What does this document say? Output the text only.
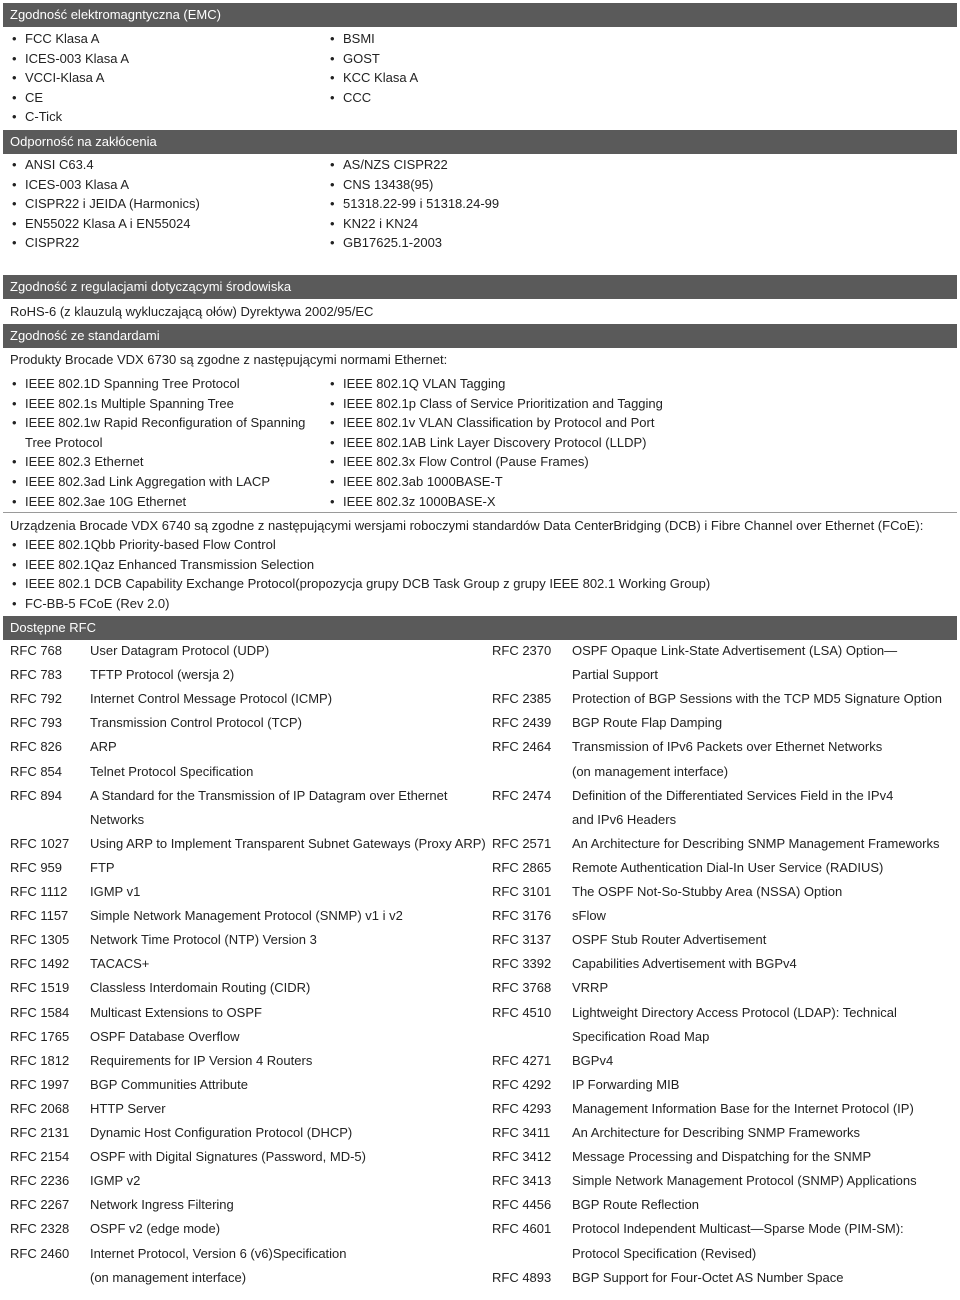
Zgodność elektromagntyczna (EMC)
• FCC Klasa A
• ICES-003 Klasa A
• VCCI-Klasa A
• CE
• C-Tick
• BSMI
• GOST
• KCC Klasa A
• CCC
Odporność na zakłócenia
• ANSI C63.4
• ICES-003 Klasa A
• CISPR22 i JEIDA (Harmonics)
• EN55022 Klasa A i EN55024
• CISPR22
• AS/NZS CISPR22
• CNS 13438(95)
• 51318.22-99 i 51318.24-99
• KN22 i KN24
• GB17625.1-2003
Zgodność z regulacjami dotyczącymi środowiska
RoHS-6 (z klauzulą wykluczającą ołów) Dyrektywa 2002/95/EC
Zgodność ze standardami
Produkty Brocade VDX 6730 są zgodne z następującymi normami Ethernet:
• IEEE 802.1D Spanning Tree Protocol
• IEEE 802.1s Multiple Spanning Tree
• IEEE 802.1w Rapid Reconfiguration of Spanning Tree Protocol
• IEEE 802.3 Ethernet
• IEEE 802.3ad Link Aggregation with LACP
• IEEE 802.3ae 10G Ethernet
• IEEE 802.1Q VLAN Tagging
• IEEE 802.1p Class of Service Prioritization and Tagging
• IEEE 802.1v VLAN Classification by Protocol and Port
• IEEE 802.1AB Link Layer Discovery Protocol (LLDP)
• IEEE 802.3x Flow Control (Pause Frames)
• IEEE 802.3ab 1000BASE-T
• IEEE 802.3z 1000BASE-X
Urządzenia Brocade VDX 6740 są zgodne z następującymi wersjami roboczymi standardów Data CenterBridging (DCB) i Fibre Channel over Ethernet (FCoE):
• IEEE 802.1Qbb Priority-based Flow Control
• IEEE 802.1Qaz Enhanced Transmission Selection
• IEEE 802.1 DCB Capability Exchange Protocol(propozycja grupy DCB Task Group z grupy IEEE 802.1 Working Group)
• FC-BB-5 FCoE (Rev 2.0)
Dostępne RFC
RFC 768 User Datagram Protocol (UDP)
RFC 783 TFTP Protocol (wersja 2)
RFC 792 Internet Control Message Protocol (ICMP)
RFC 793 Transmission Control Protocol (TCP)
RFC 826 ARP
RFC 854 Telnet Protocol Specification
RFC 894 A Standard for the Transmission of IP Datagram over Ethernet
Networks
RFC 1027 Using ARP to Implement Transparent Subnet Gateways (Proxy ARP)
RFC 959 FTP
RFC 1112 IGMP v1
RFC 1157 Simple Network Management Protocol (SNMP) v1 i v2
RFC 1305 Network Time Protocol (NTP) Version 3
RFC 1492 TACACS+
RFC 1519 Classless Interdomain Routing (CIDR)
RFC 1584 Multicast Extensions to OSPF
RFC 1765 OSPF Database Overflow
RFC 1812 Requirements for IP Version 4 Routers
RFC 1997 BGP Communities Attribute
RFC 2068 HTTP Server
RFC 2131 Dynamic Host Configuration Protocol (DHCP)
RFC 2154 OSPF with Digital Signatures (Password, MD-5)
RFC 2236 IGMP v2
RFC 2267 Network Ingress Filtering
RFC 2328 OSPF v2 (edge mode)
RFC 2460 Internet Protocol, Version 6 (v6)Specification
(on management interface)
RFC 2370 OSPF Opaque Link-State Advertisement (LSA) Option—
Partial Support
RFC 2385 Protection of BGP Sessions with the TCP MD5 Signature Option
RFC 2439 BGP Route Flap Damping
RFC 2464 Transmission of IPv6 Packets over Ethernet Networks
(on management interface)
RFC 2474 Definition of the Differentiated Services Field in the IPv4
and IPv6 Headers
RFC 2571 An Architecture for Describing SNMP Management Frameworks
RFC 2865 Remote Authentication Dial-In User Service (RADIUS)
RFC 3101 The OSPF Not-So-Stubby Area (NSSA) Option
RFC 3176 sFlow
RFC 3137 OSPF Stub Router Advertisement
RFC 3392 Capabilities Advertisement with BGPv4
RFC 3768 VRRP
RFC 4510 Lightweight Directory Access Protocol (LDAP): Technical
Specification Road Map
RFC 4271 BGPv4
RFC 4292 IP Forwarding MIB
RFC 4293 Management Information Base for the Internet Protocol (IP)
RFC 3411 An Architecture for Describing SNMP Frameworks
RFC 3412 Message Processing and Dispatching for the SNMP
RFC 3413 Simple Network Management Protocol (SNMP) Applications
RFC 4456 BGP Route Reflection
RFC 4601 Protocol Independent Multicast—Sparse Mode (PIM-SM):
Protocol Specification (Revised)
RFC 4893 BGP Support for Four-Octet AS Number Space
